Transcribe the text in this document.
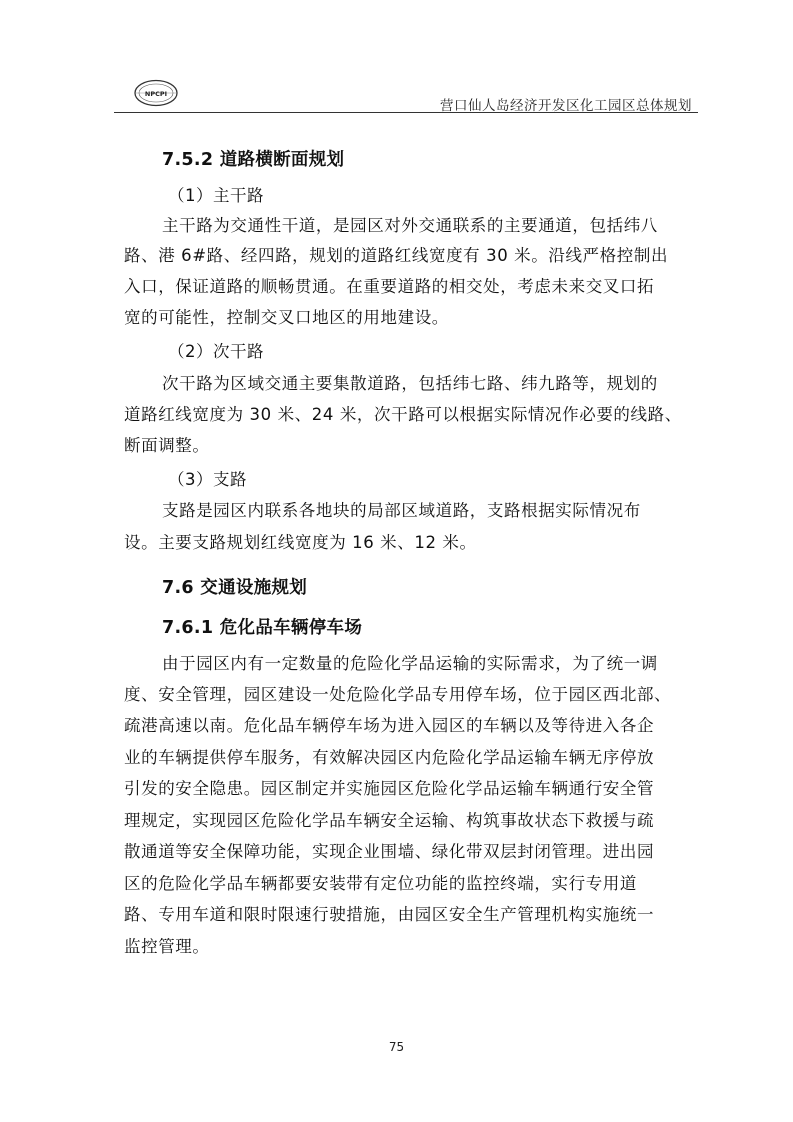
NPCPI
营口仙人岛经济开发区化工园区总体规划
7.5.2 道路横断面规划
（1）主干路
主干路为交通性干道，是园区对外交通联系的主要通道，包括纬八
路、港 6#路、经四路，规划的道路红线宽度有 30 米。沿线严格控制出
入口，保证道路的顺畅贯通。在重要道路的相交处，考虑未来交叉口拓
宽的可能性，控制交叉口地区的用地建设。
（2）次干路
次干路为区域交通主要集散道路，包括纬七路、纬九路等，规划的
道路红线宽度为 30 米、24 米，次干路可以根据实际情况作必要的线路、
断面调整。
（3）支路
支路是园区内联系各地块的局部区域道路，支路根据实际情况布
设。主要支路规划红线宽度为 16 米、12 米。
7.6 交通设施规划
7.6.1 危化品车辆停车场
由于园区内有一定数量的危险化学品运输的实际需求，为了统一调
度、安全管理，园区建设一处危险化学品专用停车场，位于园区西北部、
疏港高速以南。危化品车辆停车场为进入园区的车辆以及等待进入各企
业的车辆提供停车服务，有效解决园区内危险化学品运输车辆无序停放
引发的安全隐患。园区制定并实施园区危险化学品运输车辆通行安全管
理规定，实现园区危险化学品车辆安全运输、构筑事故状态下救援与疏
散通道等安全保障功能，实现企业围墙、绿化带双层封闭管理。进出园
区的危险化学品车辆都要安装带有定位功能的监控终端，实行专用道
路、专用车道和限时限速行驶措施，由园区安全生产管理机构实施统一
监控管理。
75
